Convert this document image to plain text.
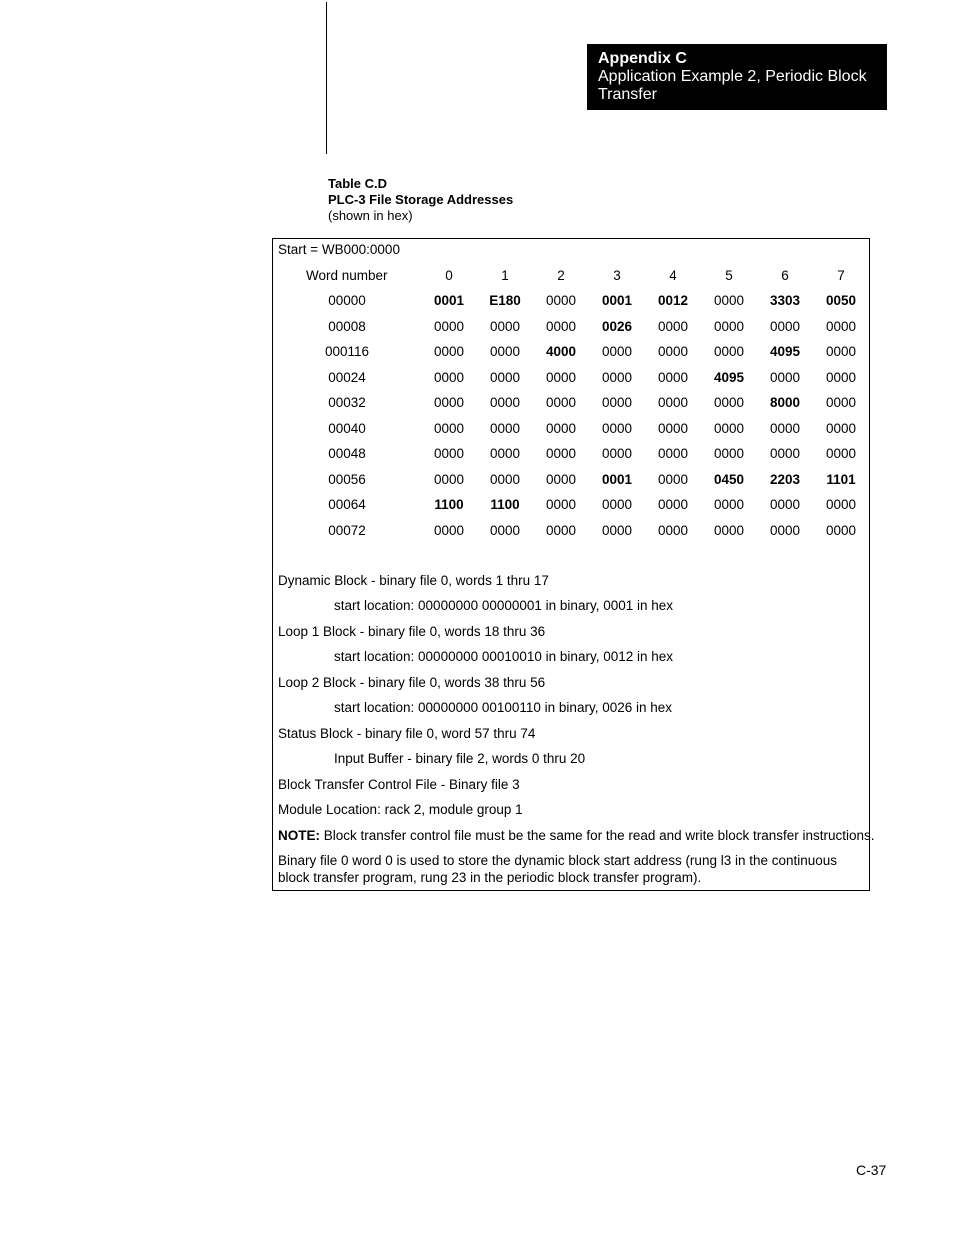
Appendix C
Application Example 2, Periodic Block Transfer
Table C.D
PLC-3 File Storage Addresses
(shown in hex)
Start = WB000:0000
Word number	0	1	2	3	4	5	6	7
00000	0001	E180	0000	0001	0012	0000	3303	0050
00008	0000	0000	0000	0026	0000	0000	0000	0000
000116	0000	0000	4000	0000	0000	0000	4095	0000
00024	0000	0000	0000	0000	0000	4095	0000	0000
00032	0000	0000	0000	0000	0000	0000	8000	0000
00040	0000	0000	0000	0000	0000	0000	0000	0000
00048	0000	0000	0000	0000	0000	0000	0000	0000
00056	0000	0000	0000	0001	0000	0450	2203	1101
00064	1100	1100	0000	0000	0000	0000	0000	0000
00072	0000	0000	0000	0000	0000	0000	0000	0000
Dynamic Block - binary file 0, words 1 thru 17
start location: 00000000 00000001 in binary, 0001 in hex
Loop 1 Block - binary file 0, words 18 thru 36
start location: 00000000 00010010 in binary, 0012 in hex
Loop 2 Block - binary file 0, words 38 thru 56
start location: 00000000 00100110 in binary, 0026 in hex
Status Block - binary file 0, word 57 thru 74
Input Buffer - binary file 2, words 0 thru 20
Block Transfer Control File - Binary file 3
Module Location: rack 2, module group 1
NOTE: Block transfer control file must be the same for the read and write block transfer instructions.
Binary file 0 word 0 is used to store the dynamic block start address (rung l3 in the continuous block transfer program, rung 23 in the periodic block transfer program).
C-37
